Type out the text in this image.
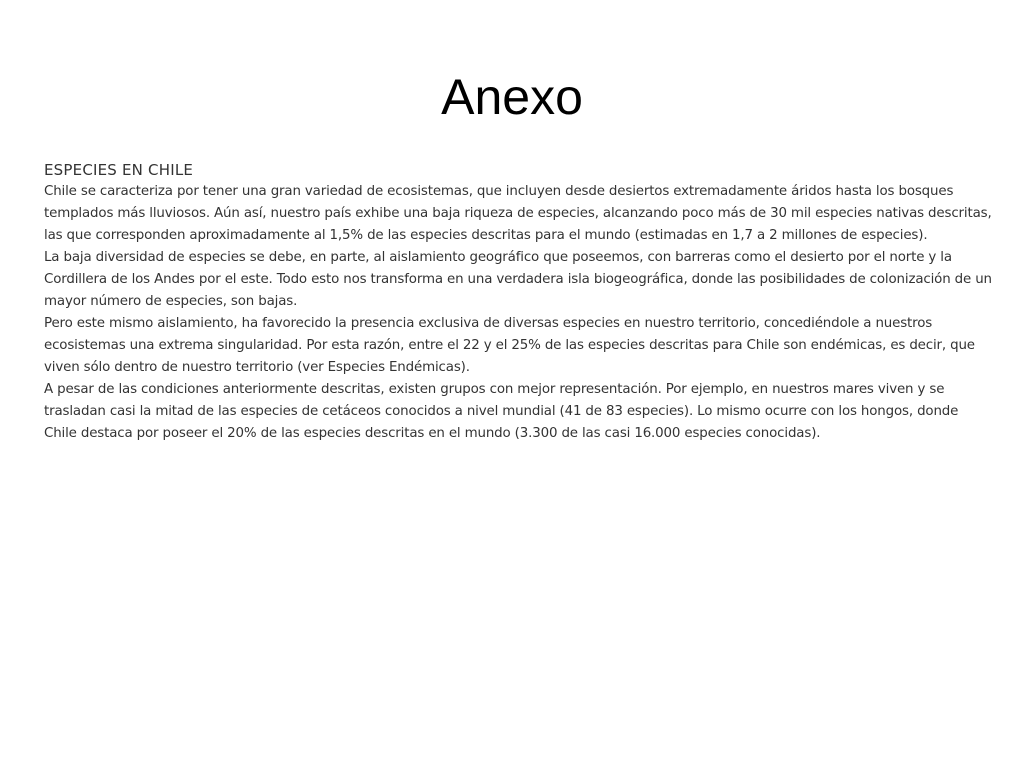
Anexo
ESPECIES EN CHILE

Chile se caracteriza por tener una gran variedad de ecosistemas, que incluyen desde desiertos extremadamente áridos hasta los bosques templados más lluviosos. Aún así, nuestro país exhibe una baja riqueza de especies, alcanzando poco más de 30 mil especies nativas descritas, las que corresponden aproximadamente al 1,5% de las especies descritas para el mundo (estimadas en 1,7 a 2 millones de especies).

La baja diversidad de especies se debe, en parte, al aislamiento geográfico que poseemos, con barreras como el desierto por el norte y la Cordillera de los Andes por el este. Todo esto nos transforma en una verdadera isla biogeográfica, donde las posibilidades de colonización de un mayor número de especies, son bajas.

Pero este mismo aislamiento, ha favorecido la presencia exclusiva de diversas especies en nuestro territorio, concediéndole a nuestros ecosistemas una extrema singularidad. Por esta razón, entre el 22 y el 25% de las especies descritas para Chile son endémicas, es decir, que viven sólo dentro de nuestro territorio (ver Especies Endémicas).

A pesar de las condiciones anteriormente descritas, existen grupos con mejor representación. Por ejemplo, en nuestros mares viven y se trasladan casi la mitad de las especies de cetáceos conocidos a nivel mundial (41 de 83 especies). Lo mismo ocurre con los hongos, donde Chile destaca por poseer el 20% de las especies descritas en el mundo (3.300 de las casi 16.000 especies conocidas).
